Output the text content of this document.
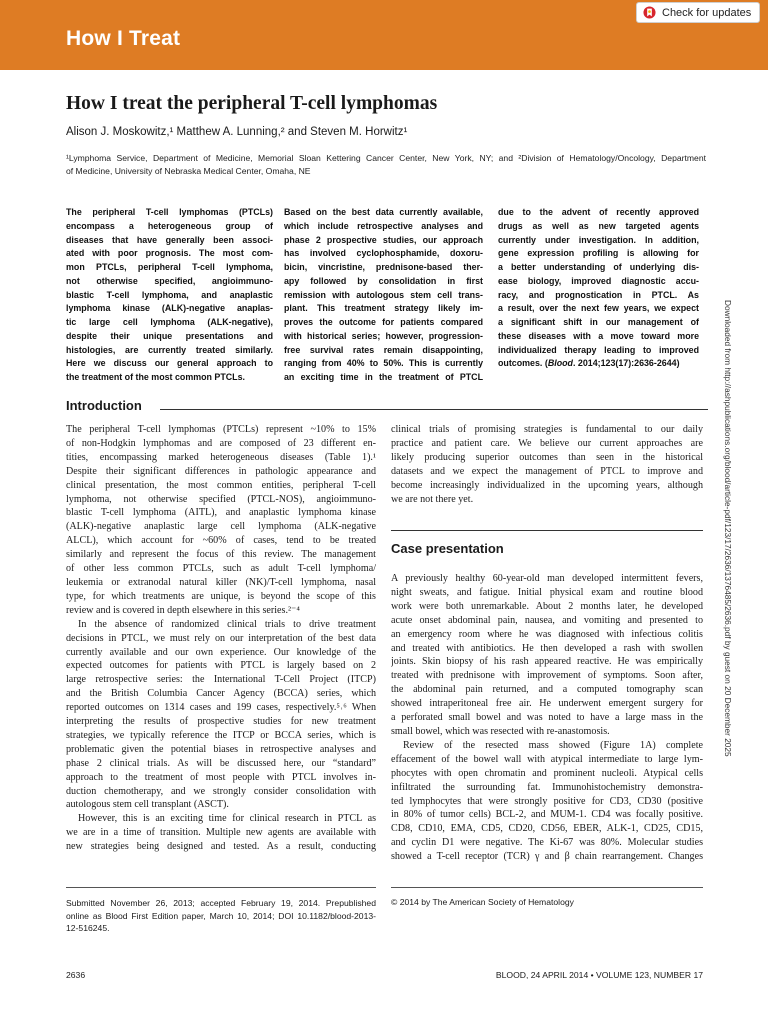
How I Treat
Check for updates
How I treat the peripheral T-cell lymphomas
Alison J. Moskowitz,¹ Matthew A. Lunning,² and Steven M. Horwitz¹
¹Lymphoma Service, Department of Medicine, Memorial Sloan Kettering Cancer Center, New York, NY; and ²Division of Hematology/Oncology, Department
of Medicine, University of Nebraska Medical Center, Omaha, NE

The peripheral T-cell lymphomas (PTCLs)
encompass a heterogeneous group of
diseases that have generally been associ-
ated with poor prognosis. The most com-
mon PTCLs, peripheral T-cell lymphoma,
not otherwise specified, angioimmuno-
blastic T-cell lymphoma, and anaplastic
lymphoma kinase (ALK)-negative anaplas-
tic large cell lymphoma (ALK-negative),
despite their unique presentations and
histologies, are currently treated similarly.
Here we discuss our general approach to
the treatment of the most common PTCLs.

Based on the best data currently available,
which include retrospective analyses and
phase 2 prospective studies, our approach
has involved cyclophosphamide, doxoru-
bicin, vincristine, prednisone-based ther-
apy followed by consolidation in first
remission with autologous stem cell trans-
plant. This treatment strategy likely im-
proves the outcome for patients compared
with historical series; however, progression-
free survival rates remain disappointing,
ranging from 40% to 50%. This is currently
an exciting time in the treatment of PTCL

due to the advent of recently approved
drugs as well as new targeted agents
currently under investigation. In addition,
gene expression profiling is allowing for
a better understanding of underlying dis-
ease biology, improved diagnostic accu-
racy, and prognostication in PTCL. As
a result, over the next few years, we expect
a significant shift in our management of
these diseases with a move toward more
individualized therapy leading to improved

outcomes. (Blood. 2014;123(17):2636-2644)
Introduction

The peripheral T-cell lymphomas (PTCLs) represent ~10% to 15%
of non-Hodgkin lymphomas and are composed of 23 different en-
tities, encompassing marked heterogeneous diseases (Table 1).¹
Despite their significant differences in pathologic appearance and
clinical presentation, the most common entities, peripheral T-cell
lymphoma, not otherwise specified (PTCL-NOS), angioimmuno-
blastic T-cell lymphoma (AITL), and anaplastic lymphoma kinase
(ALK)-negative anaplastic large cell lymphoma (ALK-negative
ALCL), which account for ~60% of cases, tend to be treated
similarly and represent the focus of this review. The management
of other less common PTCLs, such as adult T-cell lymphoma/
leukemia or extranodal natural killer (NK)/T-cell lymphoma, nasal
type, for which treatments are unique, is beyond the scope of this
review and is covered in depth elsewhere in this series.²⁻⁴
In the absence of randomized clinical trials to drive treatment
decisions in PTCL, we must rely on our interpretation of the best data
currently available and our own experience. Our knowledge of the
expected outcomes for patients with PTCL is largely based on 2
large retrospective series: the International T-Cell Project (ITCP)
and the British Columbia Cancer Agency (BCCA) series, which
reported outcomes on 1314 cases and 199 cases, respectively.⁵˒⁶ When
interpreting the results of prospective studies for new treatment
strategies, we typically reference the ITCP or BCCA series, which is
problematic given the potential biases in retrospective analyses and
phase 2 clinical trials. As will be discussed here, our “standard”
approach to the treatment of most people with PTCL involves in-
duction chemotherapy, and we strongly consider consolidation with
autologous stem cell transplant (ASCT).
However, this is an exciting time for clinical research in PTCL as
we are in a time of transition. Multiple new agents are available with
new strategies being designed and tested. As a result, conducting

clinical trials of promising strategies is fundamental to our daily
practice and patient care. We believe our current approaches are
likely producing superior outcomes than seen in the historical
datasets and we expect the management of PTCL to improve and
become increasingly individualized in the upcoming years, although
we are not there yet.

Case presentation

A previously healthy 60-year-old man developed intermittent fevers,
night sweats, and fatigue. Initial physical exam and routine blood
work were both unremarkable. About 2 months later, he developed
acute onset abdominal pain, nausea, and vomiting and presented to
an emergency room where he was diagnosed with infectious colitis
and treated with antibiotics. He then developed a rash with swollen
joints. Skin biopsy of his rash appeared reactive. He was empirically
treated with prednisone with improvement of symptoms. Soon after,
the abdominal pain returned, and a computed tomography scan
showed intraperitoneal free air. He underwent emergent surgery for
a perforated small bowel and was noted to have a large mass in the
small bowel, which was resected with re-anastomosis.
Review of the resected mass showed (Figure 1A) complete
effacement of the bowel wall with atypical intermediate to large lym-
phocytes with open chromatin and prominent nucleoli. Atypical cells
infiltrated the surrounding fat. Immunohistochemistry demonstra-
ted lymphocytes that were strongly positive for CD3, CD30 (positive
in 80% of tumor cells) BCL-2, and MUM-1. CD4 was focally positive.
CD8, CD10, EMA, CD5, CD20, CD56, EBER, ALK-1, CD25, CD15,
and cyclin D1 were negative. The Ki-67 was 80%. Molecular studies
showed a T-cell receptor (TCR) γ and β chain rearrangement. Changes

Submitted November 26, 2013; accepted February 19, 2014. Prepublished
online as Blood First Edition paper, March 10, 2014; DOI 10.1182/blood-2013-
12-516245.
© 2014 by The American Society of Hematology
2636	BLOOD, 24 APRIL 2014 • VOLUME 123, NUMBER 17
Downloaded from http://ashpublications.org/blood/article-pdf/123/17/2636/1376485/2636.pdf by guest on 20 December 2025
